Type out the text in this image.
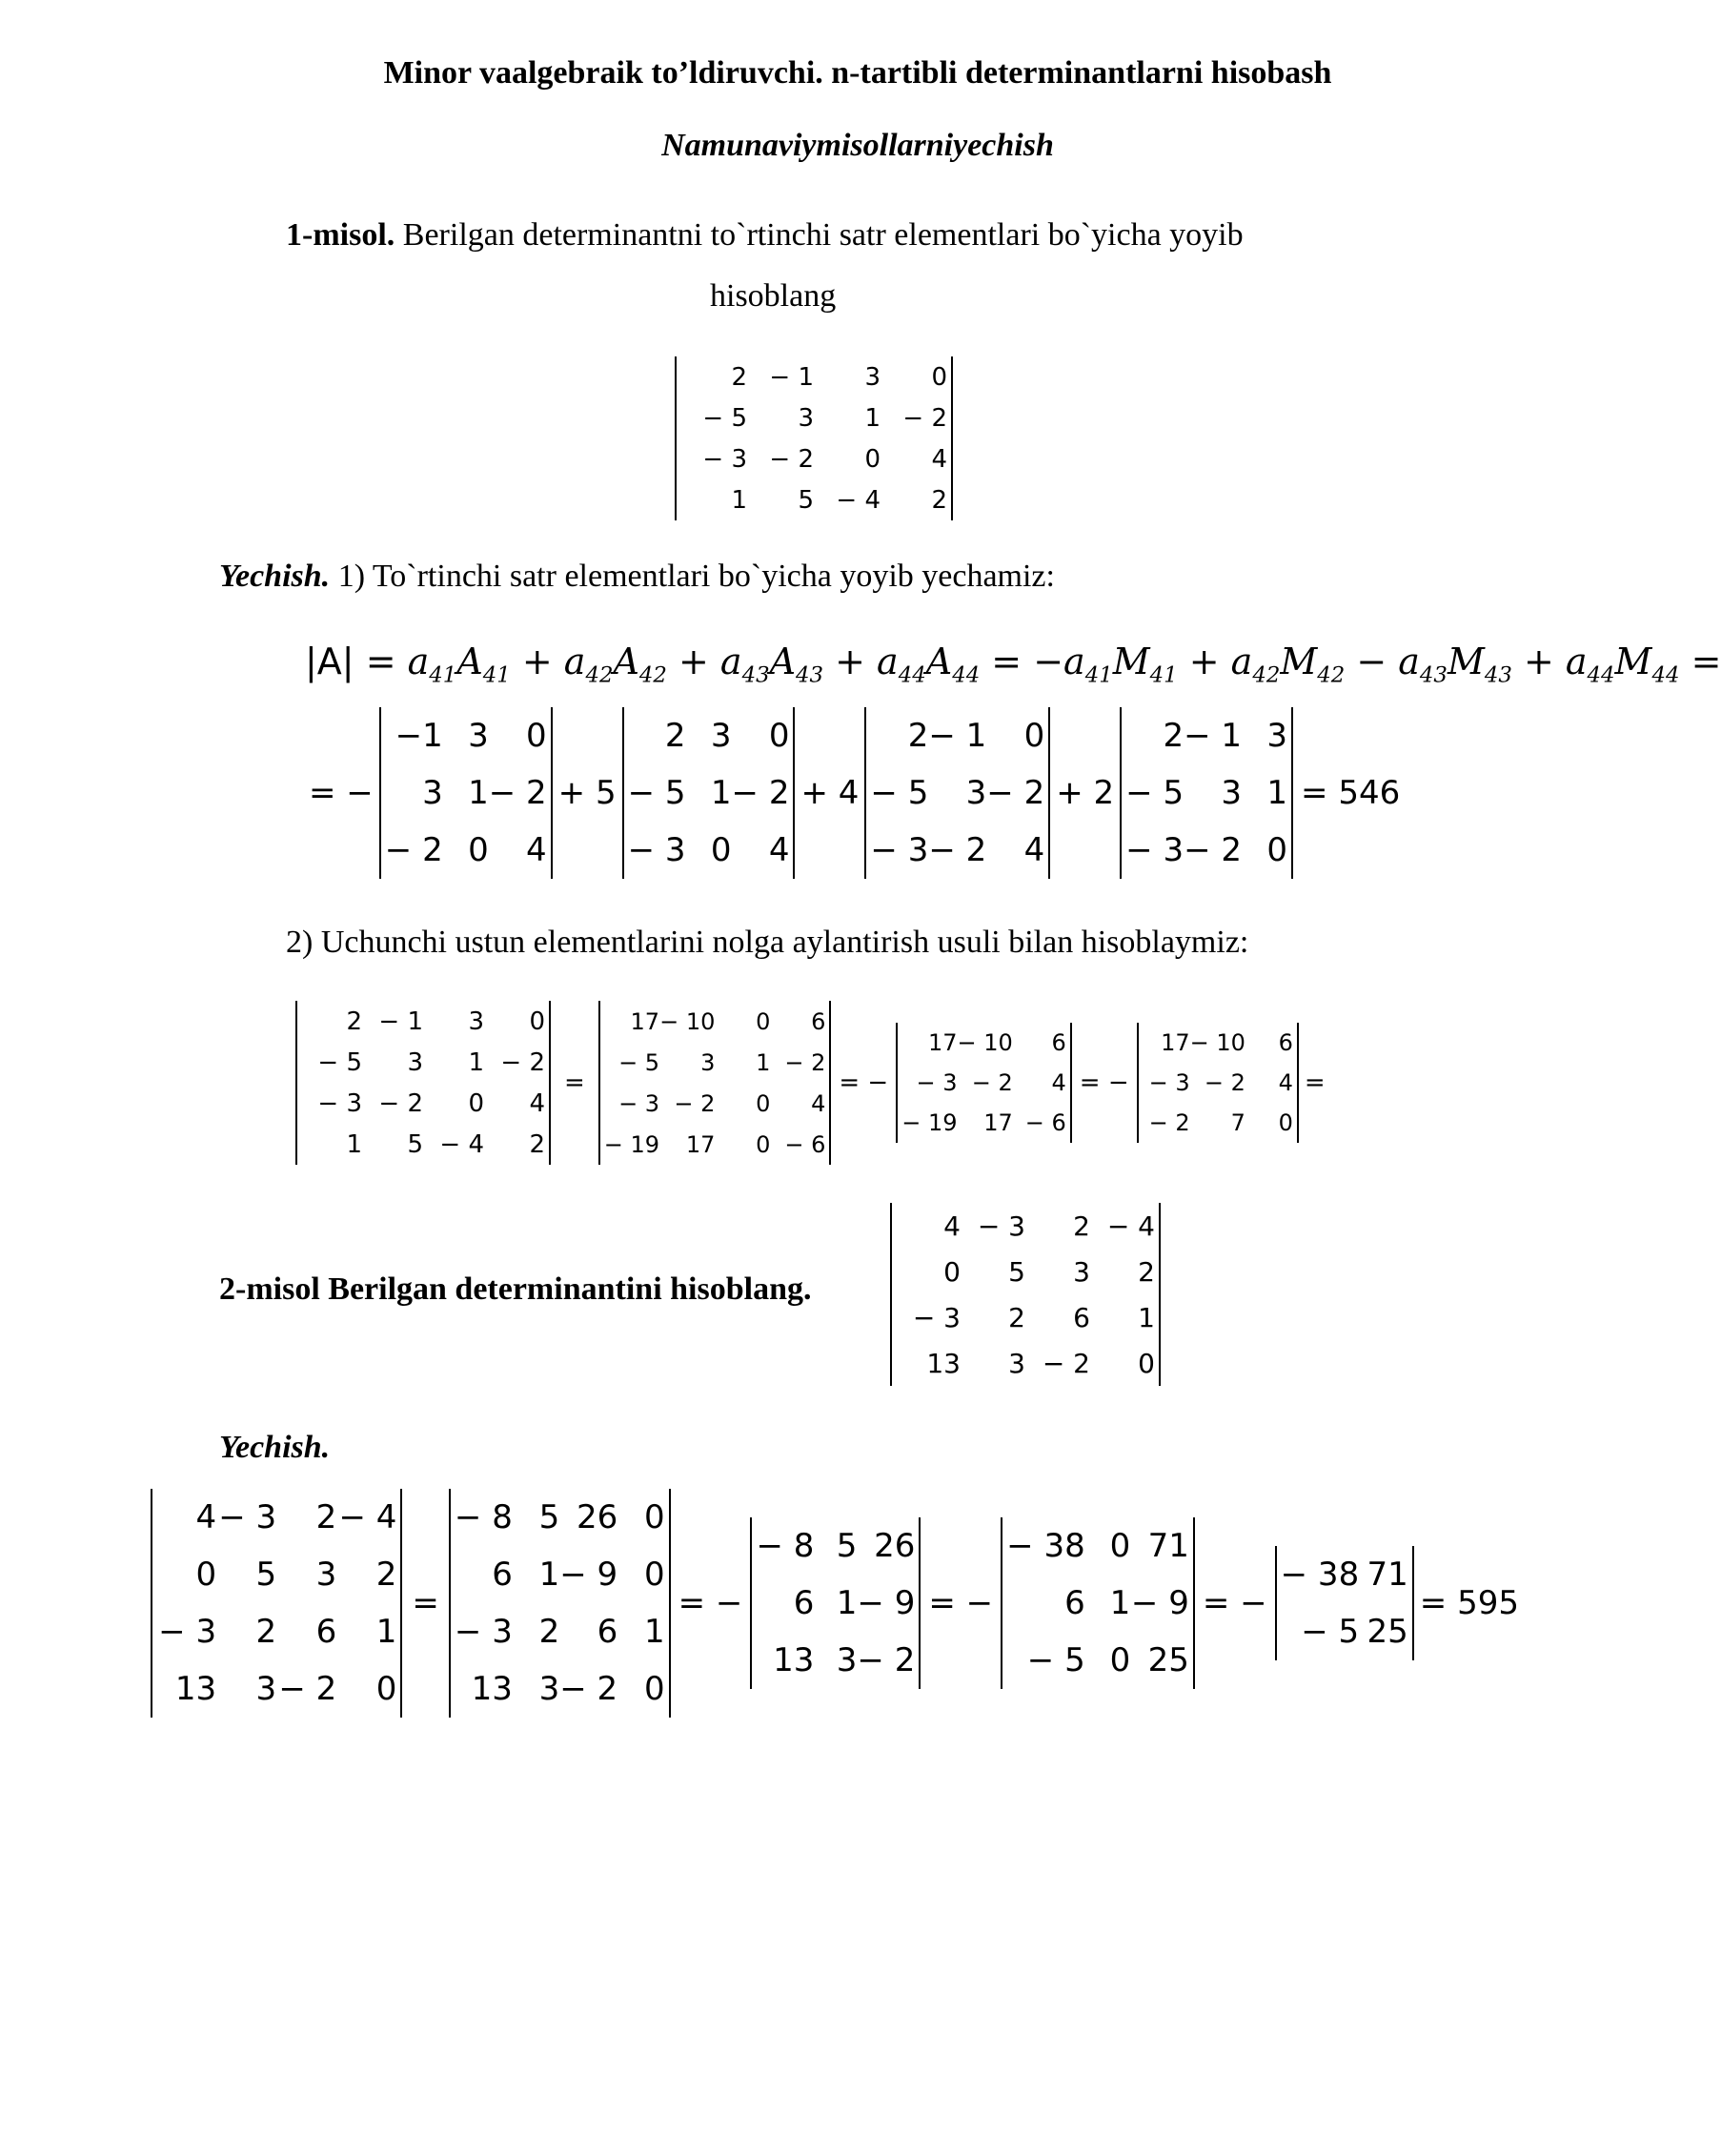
Minor vaalgebraik to’ldiruvchi. n-tartibli determinantlarni hisobash
Namunaviymisollarniyechish
1-misol. Berilgan determinantni to`rtinchi satr elementlari bo`yicha yoyib
hisoblang
2	− 1	3	0
− 5	3	1	− 2
− 3	− 2	0	4
1	5	− 4	2
Yechish. 1) To`rtinchi satr elementlari bo`yicha yoyib yechamiz:
$|A| = a_{41}A_{41} + a_{42}A_{42} + a_{43}A_{43} + a_{44}A_{44} = -a_{41}M_{41} + a_{42}M_{42} - a_{43}M_{43} + a_{44}M_{44}$ =
= −
−1	3	0
3	1	− 2
− 2	0	4
+ 5
2	3	0
− 5	1	− 2
− 3	0	4
+ 4
2	− 1	0
− 5	3	− 2
− 3	− 2	4
+ 2
2	− 1	3
− 5	3	1
− 3	− 2	0
= 546
2) Uchunchi ustun elementlarini nolga aylantirish usuli bilan hisoblaymiz:
2	− 1	3	0
− 5	3	1	− 2
− 3	− 2	0	4
1	5	− 4	2
=
17	− 10	0	6
− 5	3	1	− 2
− 3	− 2	0	4
− 19	17	0	− 6
= −
17	− 10	6
− 3	− 2	4
− 19	17	− 6
= −
17	− 10	6
− 3	− 2	4
− 2	7	0
=
2-misol Berilgan determinantini hisoblang.
4	− 3	2	− 4
0	5	3	2
− 3	2	6	1
13	3	− 2	0
Yechish.
4	− 3	2	− 4
0	5	3	2
− 3	2	6	1
13	3	− 2	0
=
− 8	5	26	0
6	1	− 9	0
− 3	2	6	1
13	3	− 2	0
= −
− 8	5	26
6	1	− 9
13	3	− 2
= −
− 38	0	71
6	1	− 9
− 5	0	25
= −
− 38	71
− 5	25
= 595
